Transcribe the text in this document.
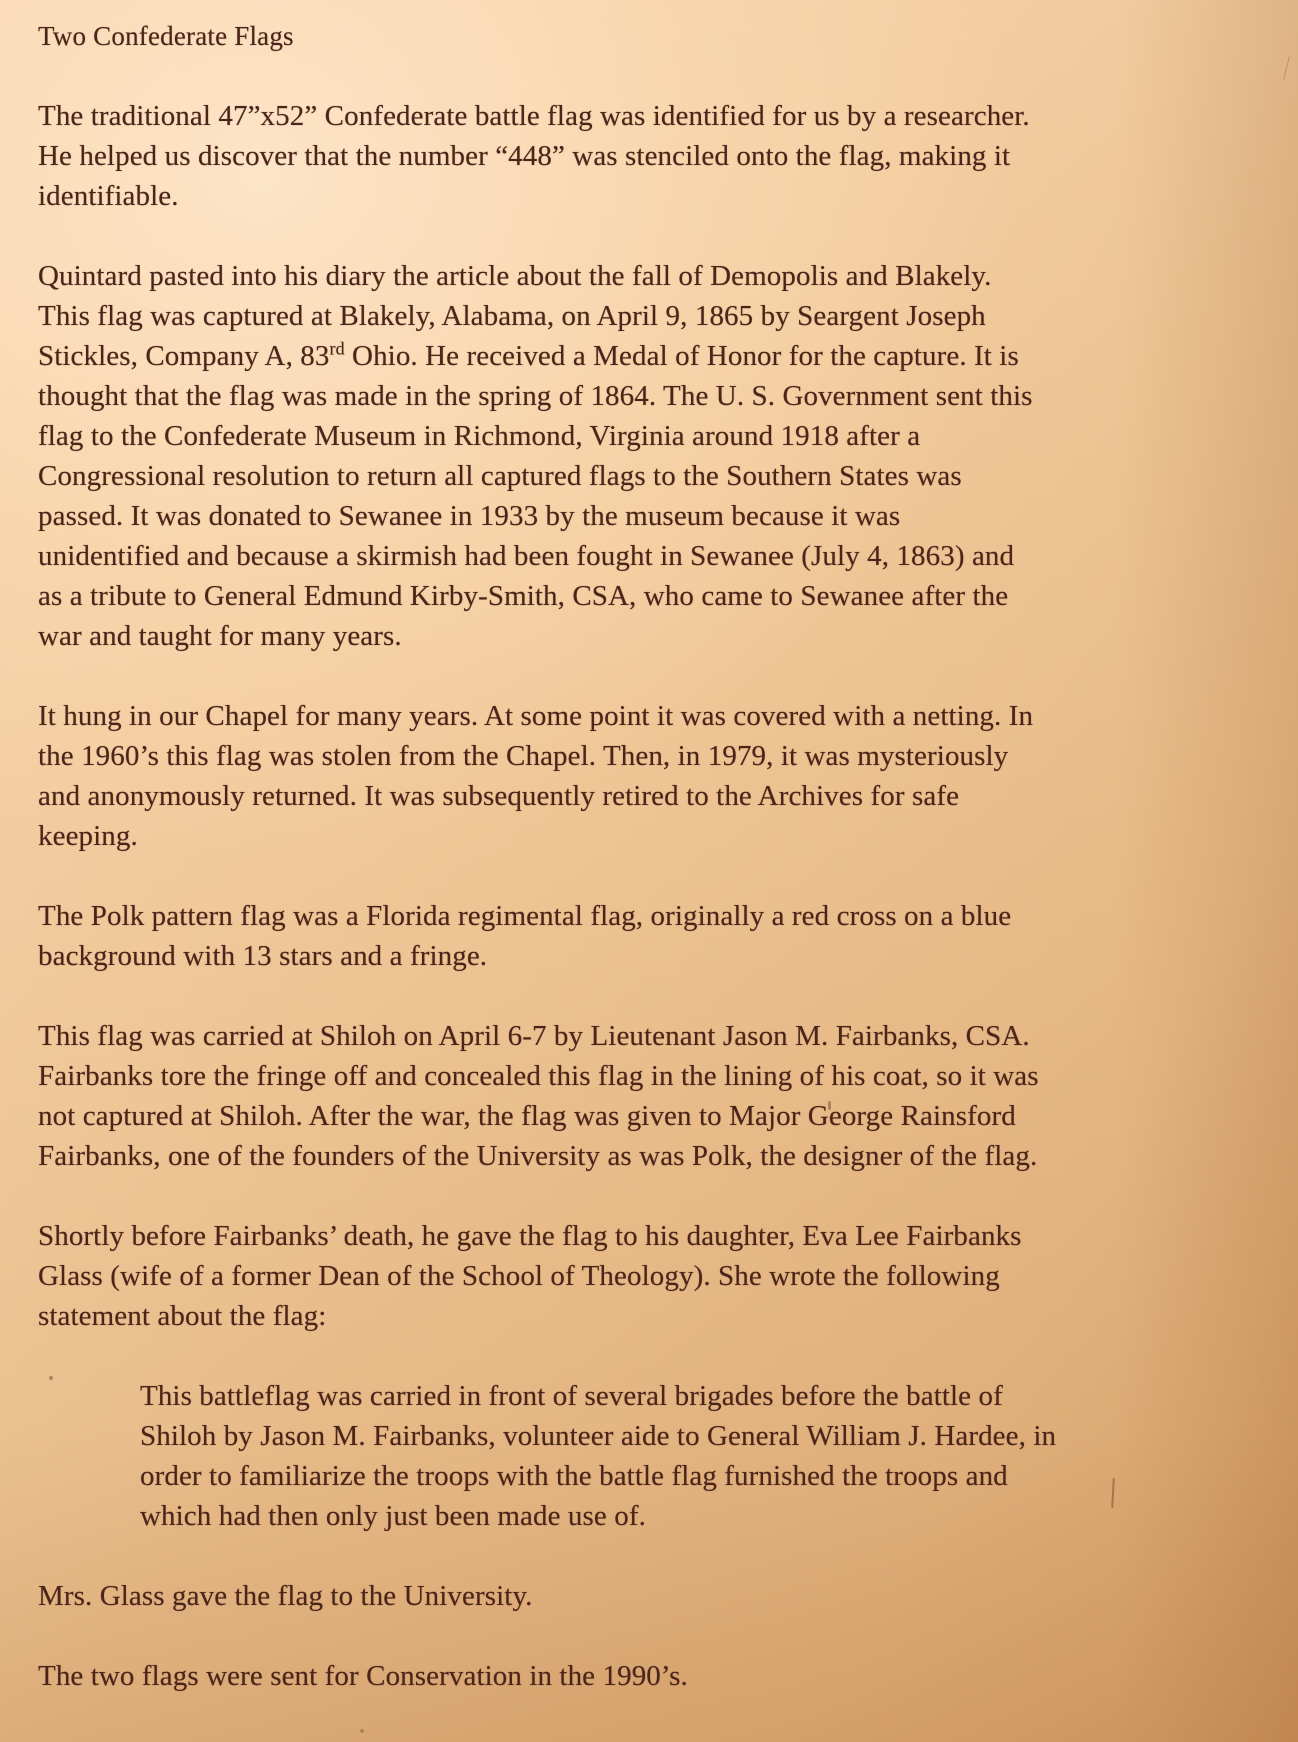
Two Confederate Flags
The traditional 47”x52” Confederate battle flag was identified for us by a researcher.
He helped us discover that the number “448” was stenciled onto the flag, making it
identifiable.
Quintard pasted into his diary the article about the fall of Demopolis and Blakely.
This flag was captured at Blakely, Alabama, on April 9, 1865 by Seargent Joseph
Stickles, Company A, 83rd Ohio. He received a Medal of Honor for the capture. It is
thought that the flag was made in the spring of 1864. The U. S. Government sent this
flag to the Confederate Museum in Richmond, Virginia around 1918 after a
Congressional resolution to return all captured flags to the Southern States was
passed. It was donated to Sewanee in 1933 by the museum because it was
unidentified and because a skirmish had been fought in Sewanee (July 4, 1863) and
as a tribute to General Edmund Kirby-Smith, CSA, who came to Sewanee after the
war and taught for many years.
It hung in our Chapel for many years. At some point it was covered with a netting. In
the 1960’s this flag was stolen from the Chapel. Then, in 1979, it was mysteriously
and anonymously returned. It was subsequently retired to the Archives for safe
keeping.
The Polk pattern flag was a Florida regimental flag, originally a red cross on a blue
background with 13 stars and a fringe.
This flag was carried at Shiloh on April 6-7 by Lieutenant Jason M. Fairbanks, CSA.
Fairbanks tore the fringe off and concealed this flag in the lining of his coat, so it was
not captured at Shiloh. After the war, the flag was given to Major George Rainsford
Fairbanks, one of the founders of the University as was Polk, the designer of the flag.
Shortly before Fairbanks’ death, he gave the flag to his daughter, Eva Lee Fairbanks
Glass (wife of a former Dean of the School of Theology). She wrote the following
statement about the flag:
This battleflag was carried in front of several brigades before the battle of
Shiloh by Jason M. Fairbanks, volunteer aide to General William J. Hardee, in
order to familiarize the troops with the battle flag furnished the troops and
which had then only just been made use of.
Mrs. Glass gave the flag to the University.
The two flags were sent for Conservation in the 1990’s.
